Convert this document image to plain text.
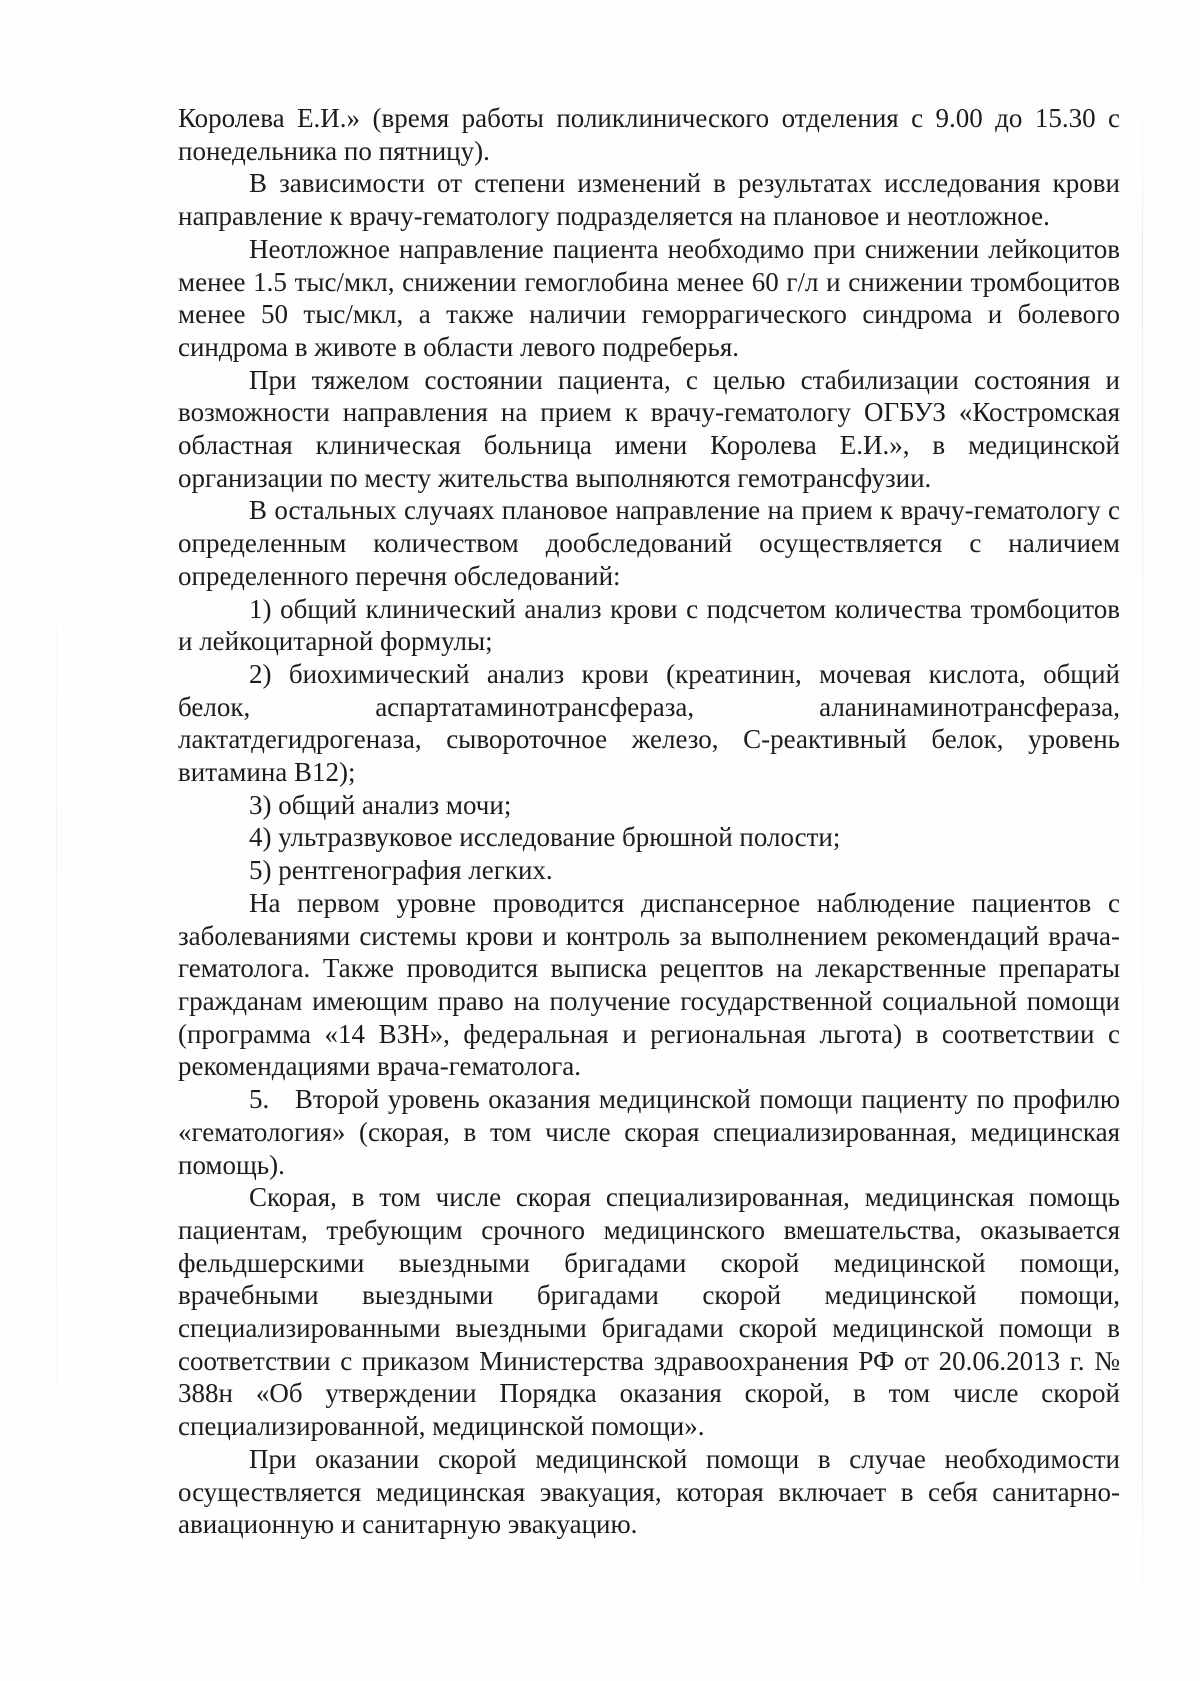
Королева Е.И.» (время работы поликлинического отделения с 9.00 до 15.30 с понедельника по пятницу).

В зависимости от степени изменений в результатах исследования крови направление к врачу-гематологу подразделяется на плановое и неотложное.

Неотложное направление пациента необходимо при снижении лейкоцитов менее 1.5 тыс/мкл, снижении гемоглобина менее 60 г/л и снижении тромбоцитов менее 50 тыс/мкл, а также наличии геморрагического синдрома и болевого синдрома в животе в области левого подреберья.

При тяжелом состоянии пациента, с целью стабилизации состояния и возможности направления на прием к врачу-гематологу ОГБУЗ «Костромская областная клиническая больница имени Королева Е.И.», в медицинской организации по месту жительства выполняются гемотрансфузии.

В остальных случаях плановое направление на прием к врачу-гематологу с определенным количеством дообследований осуществляется с наличием определенного перечня обследований:

1) общий клинический анализ крови с подсчетом количества тромбоцитов и лейкоцитарной формулы;

2) биохимический анализ крови (креатинин, мочевая кислота, общий белок, аспартатаминотрансфераза, аланинаминотрансфераза, лактатдегидрогеназа, сывороточное железо, С-реактивный белок, уровень витамина В12);

3) общий анализ мочи;

4) ультразвуковое исследование брюшной полости;

5) рентгенография легких.

На первом уровне проводится диспансерное наблюдение пациентов с заболеваниями системы крови и контроль за выполнением рекомендаций врача-гематолога. Также проводится выписка рецептов на лекарственные препараты гражданам имеющим право на получение государственной социальной помощи (программа «14 ВЗН», федеральная и региональная льгота) в соответствии с рекомендациями врача-гематолога.

5.   Второй уровень оказания медицинской помощи пациенту по профилю «гематология» (скорая, в том числе скорая специализированная, медицинская помощь).

Скорая, в том числе скорая специализированная, медицинская помощь пациентам, требующим срочного медицинского вмешательства, оказывается фельдшерскими выездными бригадами скорой медицинской помощи, врачебными выездными бригадами скорой медицинской помощи, специализированными выездными бригадами скорой медицинской помощи в соответствии с приказом Министерства здравоохранения РФ от 20.06.2013 г. № 388н «Об утверждении Порядка оказания скорой, в том числе скорой специализированной, медицинской помощи».

При оказании скорой медицинской помощи в случае необходимости осуществляется медицинская эвакуация, которая включает в себя санитарно-авиационную и санитарную эвакуацию.
